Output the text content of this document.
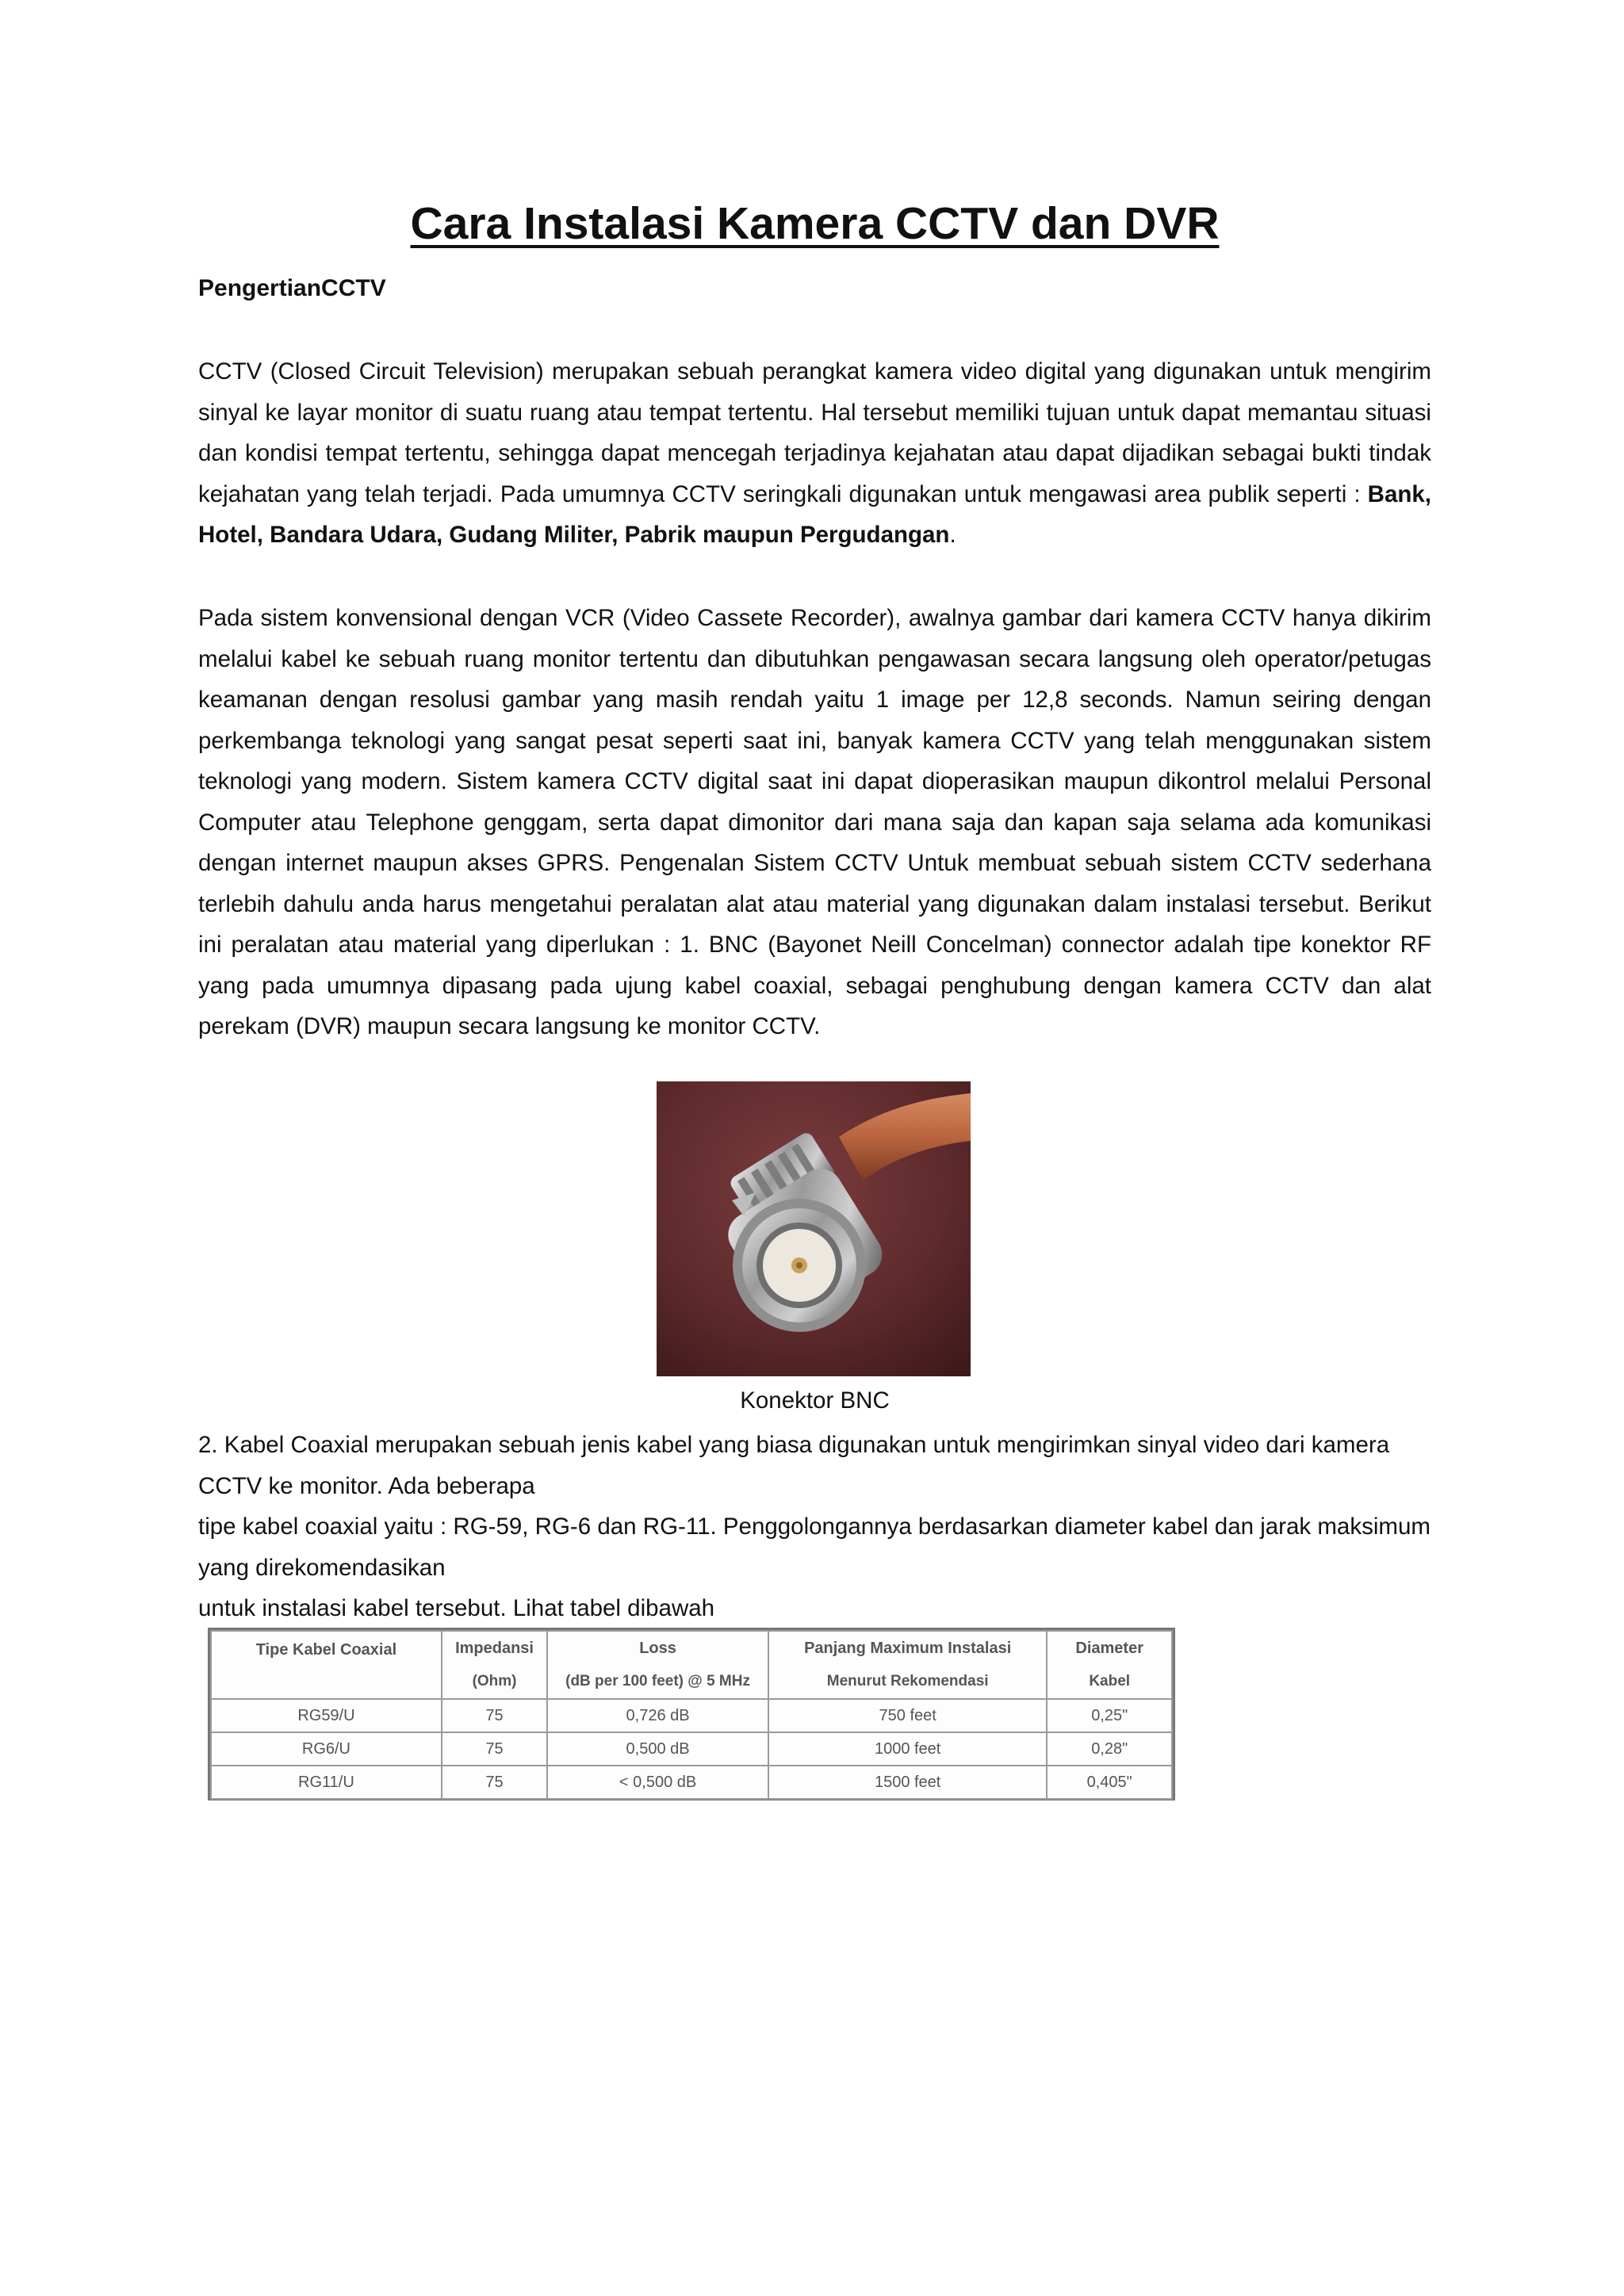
Cara Instalasi Kamera CCTV dan DVR

PengertianCCTV

CCTV (Closed Circuit Television) merupakan sebuah perangkat kamera video digital yang digunakan untuk mengirim sinyal ke layar monitor di suatu ruang atau tempat tertentu. Hal tersebut memiliki tujuan untuk dapat memantau situasi dan kondisi tempat tertentu, sehingga dapat mencegah terjadinya kejahatan atau dapat dijadikan sebagai bukti tindak kejahatan yang telah terjadi. Pada umumnya CCTV seringkali digunakan untuk mengawasi area publik seperti : Bank, Hotel, Bandara Udara, Gudang Militer, Pabrik maupun Pergudangan.

Pada sistem konvensional dengan VCR (Video Cassete Recorder), awalnya gambar dari kamera CCTV hanya dikirim melalui kabel ke sebuah ruang monitor tertentu dan dibutuhkan pengawasan secara langsung oleh operator/petugas keamanan dengan resolusi gambar yang masih rendah yaitu 1 image per 12,8 seconds. Namun seiring dengan perkembanga teknologi yang sangat pesat seperti saat ini, banyak kamera CCTV yang telah menggunakan sistem teknologi yang modern. Sistem kamera CCTV digital saat ini dapat dioperasikan maupun dikontrol melalui Personal Computer atau Telephone genggam, serta dapat dimonitor dari mana saja dan kapan saja selama ada komunikasi dengan internet maupun akses GPRS. Pengenalan Sistem CCTV Untuk membuat sebuah sistem CCTV sederhana terlebih dahulu anda harus mengetahui peralatan alat atau material yang digunakan dalam instalasi tersebut. Berikut ini peralatan atau material yang diperlukan : 1. BNC (Bayonet Neill Concelman) connector adalah tipe konektor RF yang pada umumnya dipasang pada ujung kabel coaxial, sebagai penghubung dengan kamera CCTV dan alat perekam (DVR) maupun secara langsung ke monitor CCTV.

Konektor BNC

2. Kabel Coaxial merupakan sebuah jenis kabel yang biasa digunakan untuk mengirimkan sinyal video dari kamera CCTV ke monitor. Ada beberapa
tipe kabel coaxial yaitu : RG-59, RG-6 dan RG-11. Penggolongannya berdasarkan diameter kabel dan jarak maksimum yang direkomendasikan
untuk instalasi kabel tersebut. Lihat tabel dibawah
Tipe Kabel Coaxial	Impedansi	Loss	Panjang Maximum Instalasi	Diameter
	(Ohm)	(dB per 100 feet) @ 5 MHz	Menurut Rekomendasi	Kabel
RG59/U	75	0,726 dB	750 feet	0,25"
RG6/U	75	0,500 dB	1000 feet	0,28"
RG11/U	75	< 0,500 dB	1500 feet	0,405"
